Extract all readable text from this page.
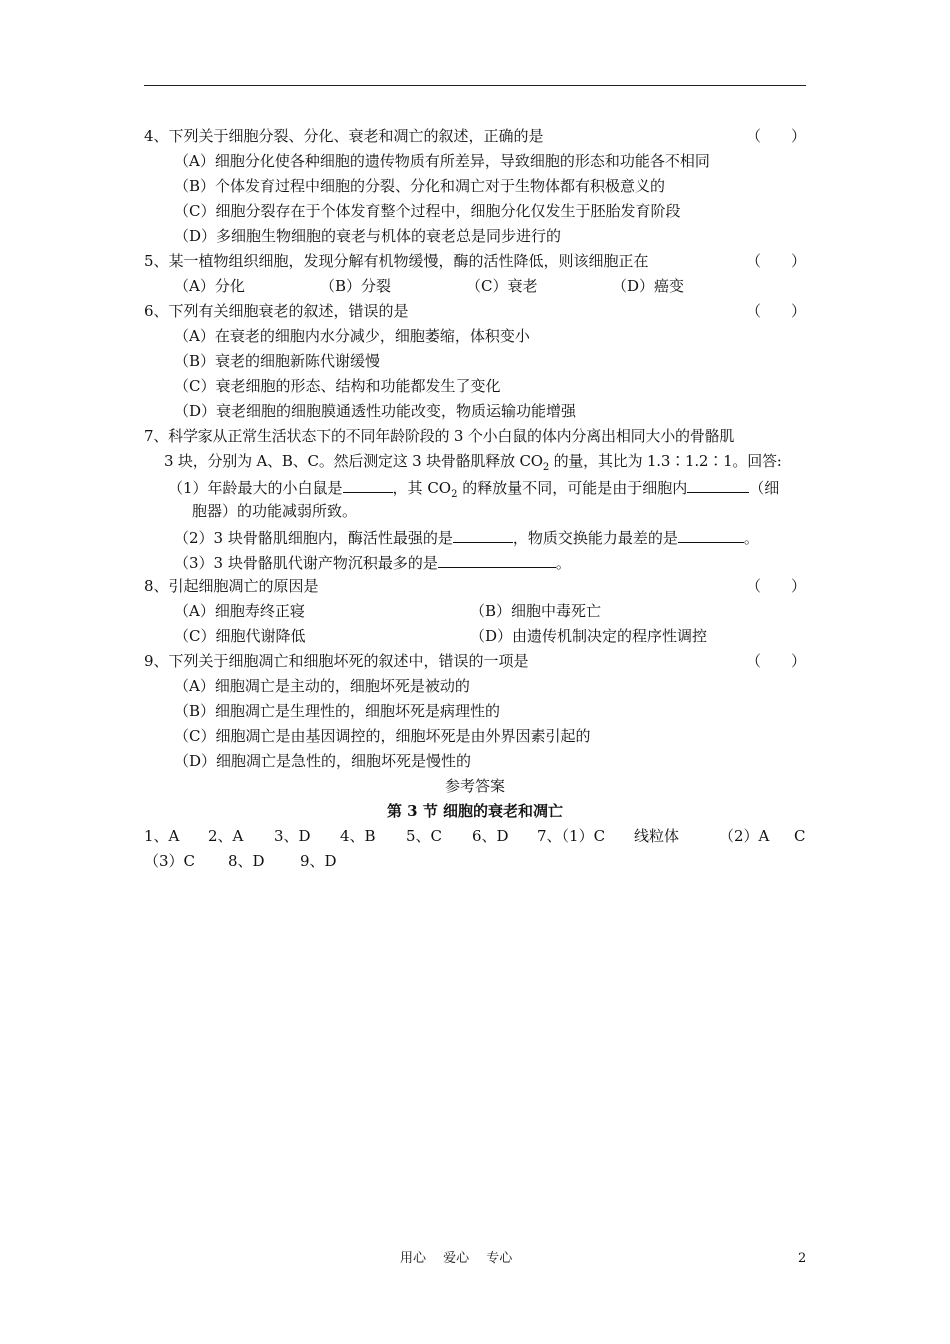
4、下列关于细胞分裂、分化、衰老和凋亡的叙述，正确的是	（　　）
（A）细胞分化使各种细胞的遗传物质有所差异，导致细胞的形态和功能各不相同
（B）个体发育过程中细胞的分裂、分化和凋亡对于生物体都有积极意义的
（C）细胞分裂存在于个体发育整个过程中，细胞分化仅发生于胚胎发育阶段
（D）多细胞生物细胞的衰老与机体的衰老总是同步进行的
5、某一植物组织细胞，发现分解有机物缓慢，酶的活性降低，则该细胞正在	（　　）
（A）分化	（B）分裂	（C）衰老	（D）癌变
6、下列有关细胞衰老的叙述，错误的是	（　　）
（A）在衰老的细胞内水分减少，细胞萎缩，体积变小
（B）衰老的细胞新陈代谢缓慢
（C）衰老细胞的形态、结构和功能都发生了变化
（D）衰老细胞的细胞膜通透性功能改变，物质运输功能增强
7、科学家从正常生活状态下的不同年龄阶段的 3 个小白鼠的体内分离出相同大小的骨骼肌
3 块，分别为 A、B、C。然后测定这 3 块骨骼肌释放 $CO_2$ 的量，其比为 1.3∶1.2∶1。回答:
（1）年龄最大的小白鼠是	，其 $CO_2$ 的释放量不同，可能是由于细胞内	（细
胞器）的功能减弱所致。
（2）3 块骨骼肌细胞内，酶活性最强的是	，物质交换能力最差的是	。
（3）3 块骨骼肌代谢产物沉积最多的是	。
8、引起细胞凋亡的原因是	（　　）
（A）细胞寿终正寝	（B）细胞中毒死亡
（C）细胞代谢降低	（D）由遗传机制决定的程序性调控
9、下列关于细胞凋亡和细胞坏死的叙述中，错误的一项是	（　　）
（A）细胞凋亡是主动的，细胞坏死是被动的
（B）细胞凋亡是生理性的，细胞坏死是病理性的
（C）细胞凋亡是由基因调控的，细胞坏死是由外界因素引起的
（D）细胞凋亡是急性的，细胞坏死是慢性的
参考答案
第 3 节 细胞的衰老和凋亡
1、A 2、A 3、D 4、B 5、C 6、D 7、（1）C 线粒体	（2）A C
（3）C 8、D 9、D
用心　 爱心　 专心	2
